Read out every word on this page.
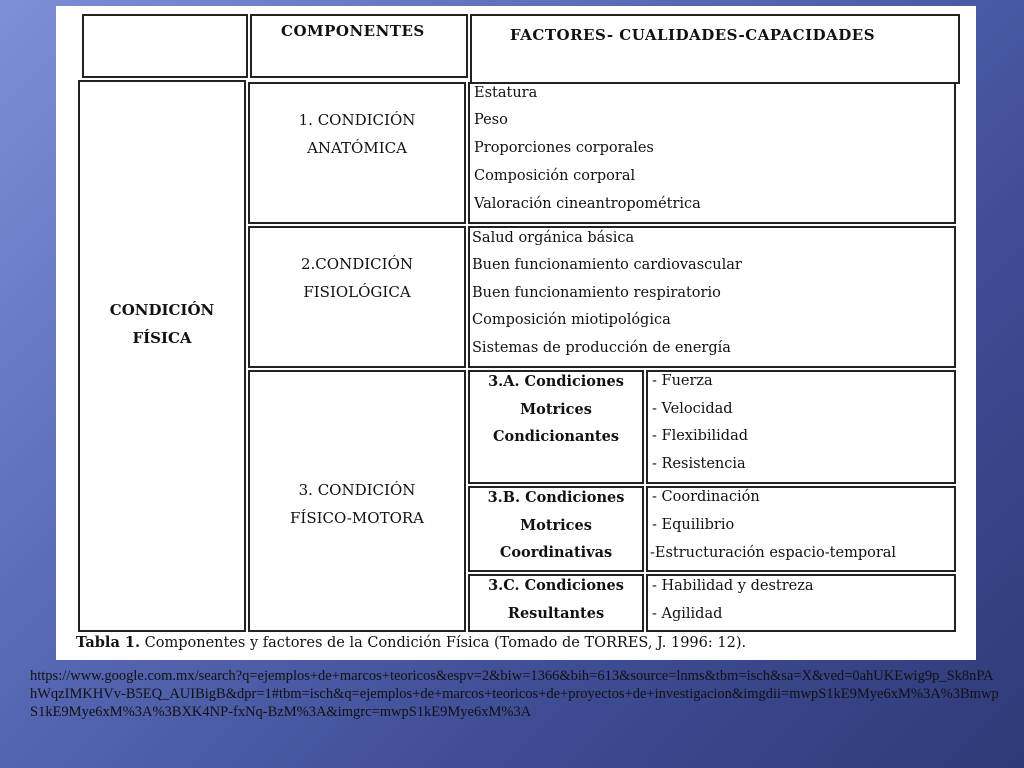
COMPONENTES	FACTORES- CUALIDADES-CAPACIDADES
CONDICIÓN
FÍSICA
1. CONDICIÓN
ANATÓMICA
Estatura
Peso
Proporciones corporales
Composición corporal
Valoración cineantropométrica
2.CONDICIÓN
FISIOLÓGICA
Salud orgánica básica
Buen funcionamiento cardiovascular
Buen funcionamiento respiratorio
Composición miotipológica
Sistemas de producción de energía
3. CONDICIÓN
FÍSICO-MOTORA
3.A. Condiciones
Motrices
Condicionantes
- Fuerza
- Velocidad
- Flexibilidad
- Resistencia
3.B. Condiciones
Motrices
Coordinativas
- Coordinación
- Equilibrio
-Estructuración espacio-temporal
3.C. Condiciones
Resultantes
- Habilidad y destreza
- Agilidad
Tabla 1. Componentes y factores de la Condición Física (Tomado de TORRES, J. 1996: 12).
https://www.google.com.mx/search?q=ejemplos+de+marcos+teoricos&espv=2&biw=1366&bih=613&source=lnms&tbm=isch&sa=X&ved=0ahUKEwig9p_Sk8nPAhWqzIMKHVv-B5EQ_AUIBigB&dpr=1#tbm=isch&q=ejemplos+de+marcos+teoricos+de+proyectos+de+investigacion&imgdii=mwpS1kE9Mye6xM%3A%3BmwpS1kE9Mye6xM%3A%3BXK4NP-fxNq-BzM%3A&imgrc=mwpS1kE9Mye6xM%3A
